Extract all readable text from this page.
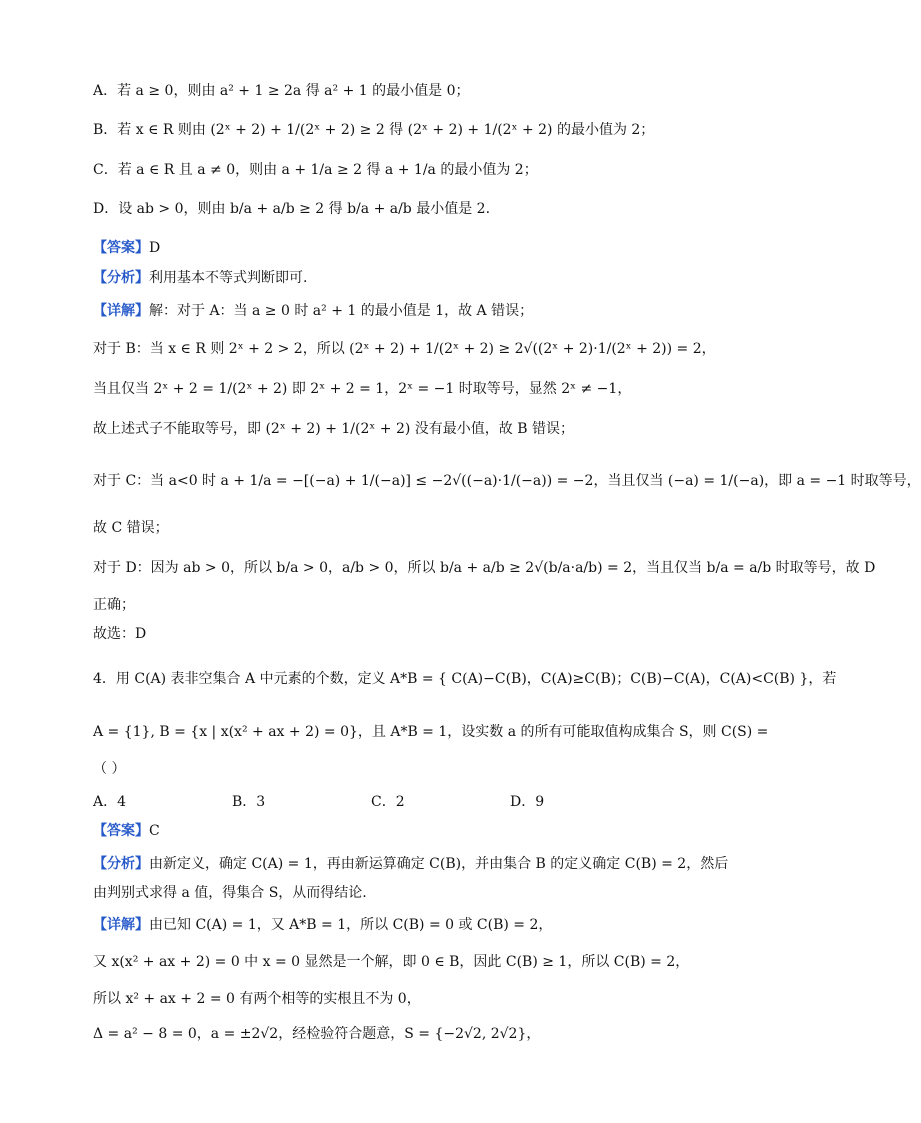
A．若 a ≥ 0，则由 a² + 1 ≥ 2a 得 a² + 1 的最小值是 0；
B．若 x ∈ R 则由 (2ˣ + 2) + 1/(2ˣ + 2) ≥ 2 得 (2ˣ + 2) + 1/(2ˣ + 2) 的最小值为 2；
C．若 a ∈ R 且 a ≠ 0，则由 a + 1/a ≥ 2 得 a + 1/a 的最小值为 2；
D．设 ab > 0，则由 b/a + a/b ≥ 2 得 b/a + a/b 最小值是 2.
【答案】D
【分析】利用基本不等式判断即可.
【详解】解：对于 A：当 a ≥ 0 时 a² + 1 的最小值是 1，故 A 错误；
对于 B：当 x ∈ R 则 2ˣ + 2 > 2，所以 (2ˣ + 2) + 1/(2ˣ + 2) ≥ 2√((2ˣ + 2)·1/(2ˣ + 2)) = 2，
当且仅当 2ˣ + 2 = 1/(2ˣ + 2) 即 2ˣ + 2 = 1，2ˣ = −1 时取等号，显然 2ˣ ≠ −1，
故上述式子不能取等号，即 (2ˣ + 2) + 1/(2ˣ + 2) 没有最小值，故 B 错误；
对于 C：当 a<0 时 a + 1/a = −[(−a) + 1/(−a)] ≤ −2√((−a)·1/(−a)) = −2，当且仅当 (−a) = 1/(−a)，即 a = −1 时取等号，
故 C 错误；
对于 D：因为 ab > 0，所以 b/a > 0，a/b > 0，所以 b/a + a/b ≥ 2√(b/a·a/b) = 2，当且仅当 b/a = a/b 时取等号，故 D
正确；
故选：D
4．用 C(A) 表非空集合 A 中元素的个数，定义 A*B = { C(A)−C(B)，C(A)≥C(B)；C(B)−C(A)，C(A)<C(B) }，若
A = {1}, B = {x | x(x² + ax + 2) = 0}，且 A*B = 1，设实数 a 的所有可能取值构成集合 S，则 C(S) =
（ ）
A．4	B．3	C．2	D．9
【答案】C
【分析】由新定义，确定 C(A) = 1，再由新运算确定 C(B)，并由集合 B 的定义确定 C(B) = 2，然后
由判别式求得 a 值，得集合 S，从而得结论.
【详解】由已知 C(A) = 1，又 A*B = 1，所以 C(B) = 0 或 C(B) = 2，
又 x(x² + ax + 2) = 0 中 x = 0 显然是一个解，即 0 ∈ B，因此 C(B) ≥ 1，所以 C(B) = 2，
所以 x² + ax + 2 = 0 有两个相等的实根且不为 0，
Δ = a² − 8 = 0，a = ±2√2，经检验符合题意，S = {−2√2, 2√2}，
